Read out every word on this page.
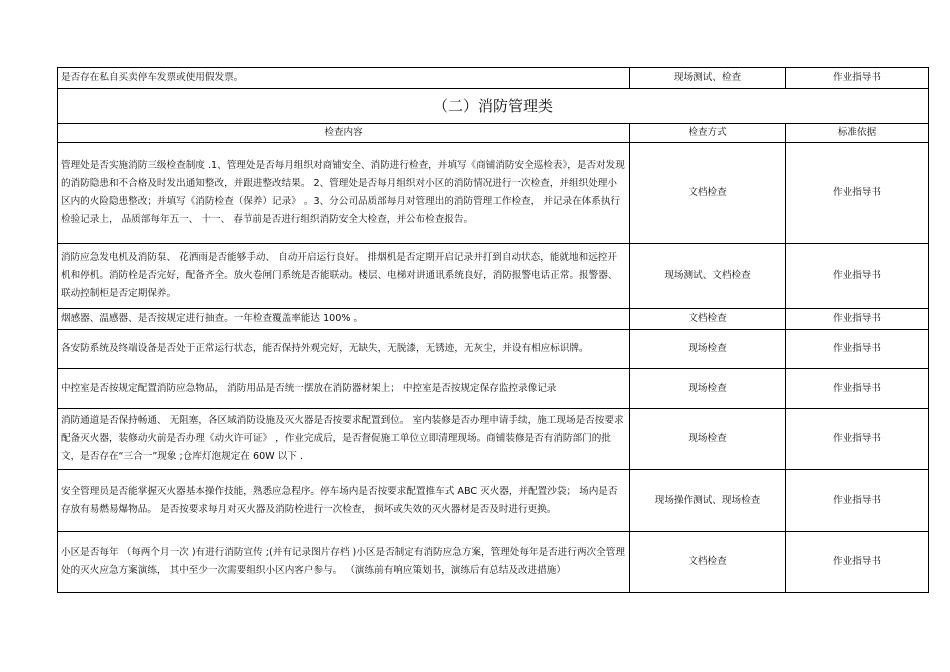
是否存在私自买卖停车发票或使用假发票。	现场测试、检查	作业指导书
（二）消防管理类		
检查内容	检查方式	标准依据
管理处是否实施消防三级检查制度 .1、管理处是否每月组织对商铺安全、消防进行检查，并填写《商铺消防安全巡检表》，是否对发现的消防隐患和不合格及时发出通知整改，并跟进整改结果。 2、管理处是否每月组织对小区的消防情况进行一次检查，并组织处理小区内的火险隐患整改；并填写《消防检查（保养）记录》 。3、分公司品质部每月对管理出的消防管理工作检查， 并记录在体系执行检验记录上， 品质部每年五一、 十一、 春节前是否进行组织消防安全大检查，并公布检查报告。	文档检查	作业指导书
消防应急发电机及消防泵、 花洒雨是否能够手动、 自动开启运行良好。 排烟机是否定期开启记录并打到自动状态，能就地和远控开机和停机。消防栓是否完好，配备齐全。放火卷闸门系统是否能联动。楼层、电梯对讲通讯系统良好，消防报警电话正常。报警器、联动控制柜是否定期保养。	现场测试、文档检查	作业指导书
烟感器、温感器、是否按规定进行抽查。一年检查覆盖率能达 100% 。	文档检查	作业指导书
各安防系统及终端设备是否处于正常运行状态，能否保持外观完好，无缺失，无脱漆，无锈迹，无灰尘，并设有相应标识牌。	现场检查	作业指导书
中控室是否按规定配置消防应急物品， 消防用品是否统一摆放在消防器材架上； 中控室是否按规定保存监控录像记录	现场检查	作业指导书
消防通道是否保持畅通、 无阻塞，各区域消防设施及灭火器是否按要求配置到位。 室内装修是否办理申请手续，施工现场是否按要求配备灭火器，装修动火前是否办理《动火许可证》 ，作业完成后，是否督促施工单位立即清理现场。商铺装修是否有消防部门的批文，是否存在“三合一”现象 ;仓库灯泡规定在 60W 以下 .	现场检查	作业指导书
安全管理员是否能掌握灭火器基本操作技能，熟悉应急程序。停车场内是否按要求配置推车式 ABC 灭火器，并配置沙袋； 场内是否存放有易燃易爆物品。 是否按要求每月对灭火器及消防栓进行一次检查， 损坏或失效的灭火器材是否及时进行更换。	现场操作测试、现场检查	作业指导书
小区是否每年 （每两个月一次 )有进行消防宣传 ;(并有记录图片存档 )小区是否制定有消防应急方案，管理处每年是否进行两次全管理处的灭火应急方案演练， 其中至少一次需要组织小区内客户参与。 （演练前有响应策划书，演练后有总结及改进措施）	文档检查	作业指导书
